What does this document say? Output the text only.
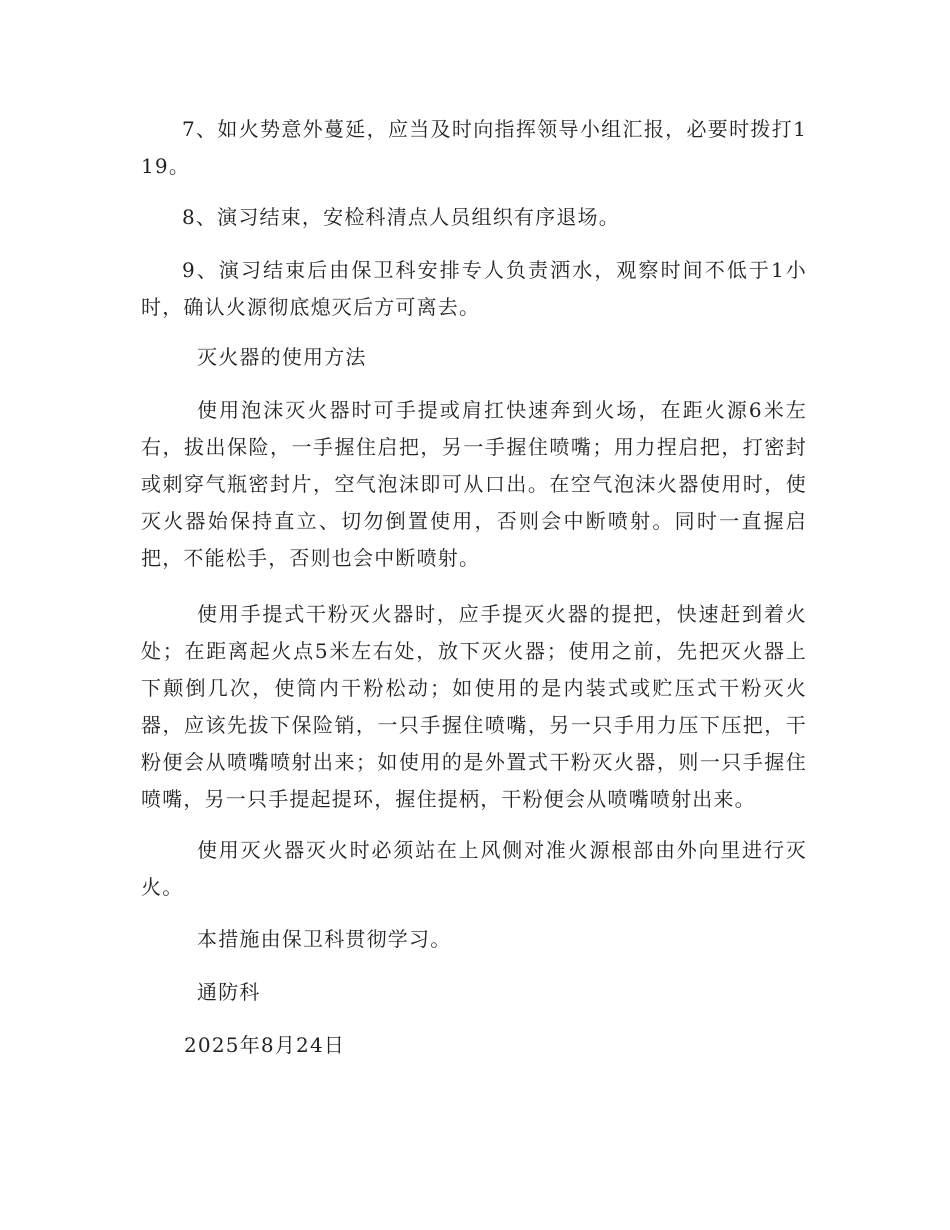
7、如火势意外蔓延，应当及时向指挥领导小组汇报，必要时拨打119。

8、演习结束，安检科清点人员组织有序退场。

9、演习结束后由保卫科安排专人负责洒水，观察时间不低于1小时，确认火源彻底熄灭后方可离去。

灭火器的使用方法

使用泡沫灭火器时可手提或肩扛快速奔到火场，在距火源6米左右，拔出保险，一手握住启把，另一手握住喷嘴；用力捏启把，打密封或刺穿气瓶密封片，空气泡沫即可从口出。在空气泡沫火器使用时，使灭火器始保持直立、切勿倒置使用，否则会中断喷射。同时一直握启把，不能松手，否则也会中断喷射。

使用手提式干粉灭火器时，应手提灭火器的提把，快速赶到着火处；在距离起火点5米左右处，放下灭火器；使用之前，先把灭火器上下颠倒几次，使筒内干粉松动；如使用的是内装式或贮压式干粉灭火器，应该先拔下保险销，一只手握住喷嘴，另一只手用力压下压把，干粉便会从喷嘴喷射出来；如使用的是外置式干粉灭火器，则一只手握住喷嘴，另一只手提起提环，握住提柄，干粉便会从喷嘴喷射出来。

使用灭火器灭火时必须站在上风侧对准火源根部由外向里进行灭火。

本措施由保卫科贯彻学习。

通防科

2025年8月24日
